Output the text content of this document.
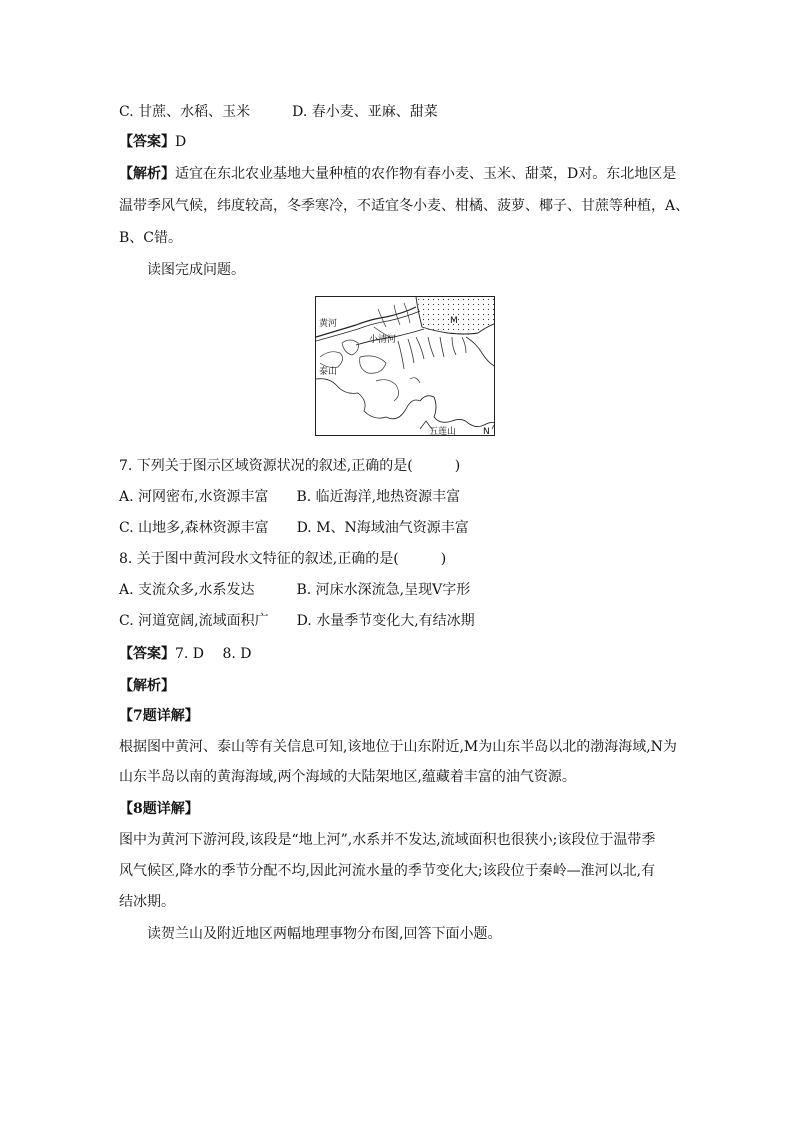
C. 甘蔗、水稻、玉米	D. 春小麦、亚麻、甜菜
【答案】D
【解析】适宜在东北农业基地大量种植的农作物有春小麦、玉米、甜菜，D对。东北地区是
温带季风气候，纬度较高，冬季寒冷，不适宜冬小麦、柑橘、菠萝、椰子、甘蔗等种植，A、
B、C错。
读图完成问题。
黄河
小清河
泰山
M
N
五莲山
7. 下列关于图示区域资源状况的叙述,正确的是(　　　)
A. 河网密布,水资源丰富 B. 临近海洋,地热资源丰富
C. 山地多,森林资源丰富 D. M、N海域油气资源丰富
8. 关于图中黄河段水文特征的叙述,正确的是(　　　)
A. 支流众多,水系发达	B. 河床水深流急,呈现V字形
C. 河道宽阔,流域面积广 D. 水量季节变化大,有结冰期
【答案】7. D　 8. D
【解析】
【7题详解】
根据图中黄河、泰山等有关信息可知,该地位于山东附近,M为山东半岛以北的渤海海域,N为
山东半岛以南的黄海海域,两个海域的大陆架地区,蕴藏着丰富的油气资源。
【8题详解】
图中为黄河下游河段,该段是“地上河”,水系并不发达,流域面积也很狭小;该段位于温带季
风气候区,降水的季节分配不均,因此河流水量的季节变化大;该段位于秦岭—淮河以北,有
结冰期。
读贺兰山及附近地区两幅地理事物分布图,回答下面小题。
